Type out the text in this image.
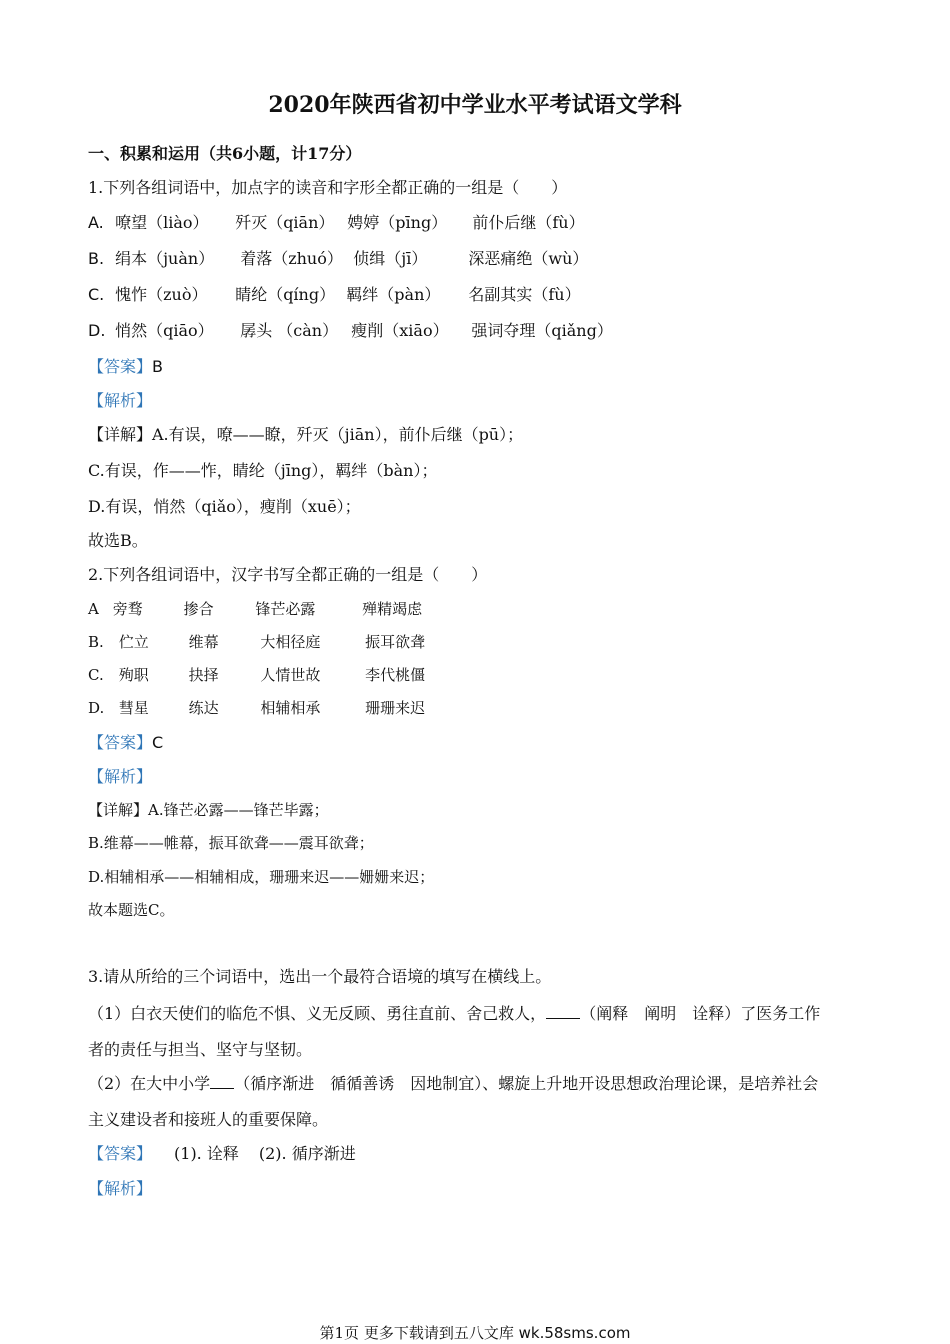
2020年陕西省初中学业水平考试语文学科
一、积累和运用（共6小题，计17分）
1.下列各组词语中，加点字的读音和字形全都正确的一组是（　　）
A. 嘹望（liào） 歼灭（qiān） 娉婷（pīng） 前仆后继（fù）
B. 绢本（juàn） 着落（zhuó） 侦缉（jī）	深恶痛绝（wù）
C. 愧怍（zuò） 睛纶（qíng） 羁绊（pàn） 名副其实（fù）
D. 悄然（qiāo） 孱头 （càn） 瘦削（xiāo） 强词夺理（qiǎng）
【答案】B
【解析】
【详解】A.有误，嘹——瞭，歼灭（jiān），前仆后继（pū）；
C.有误，作——怍，睛纶（jīng），羁绊（bàn）；
D.有误，悄然（qiǎo），瘦削（xuē）；
故选B。
2.下列各组词语中，汉字书写全都正确的一组是（　　）
A 旁骛	掺合	锋芒必露	殚精竭虑
B. 伫立	维幕	大相径庭	振耳欲聋
C. 殉职	抉择	人情世故	李代桃僵
D. 彗星	练达	相辅相承	珊珊来迟
【答案】C
【解析】
【详解】A.锋芒必露——锋芒毕露；
B.维幕——帷幕，振耳欲聋——震耳欲聋；
D.相辅相承——相辅相成，珊珊来迟——姗姗来迟；
故本题选C。
3.请从所给的三个词语中，选出一个最符合语境的填写在横线上。
（1）白衣天使们的临危不惧、义无反顾、勇往直前、舍己救人， （阐释　阐明　诠释）了医务工作
者的责任与担当、坚守与坚韧。
（2）在大中小学 （循序渐进　循循善诱　因地制宜）、螺旋上升地开设思想政治理论课，是培养社会
主义建设者和接班人的重要保障。
【答案】 (1). 诠释 (2). 循序渐进
【解析】
第1页 更多下载请到五八文库 wk.58sms.com
